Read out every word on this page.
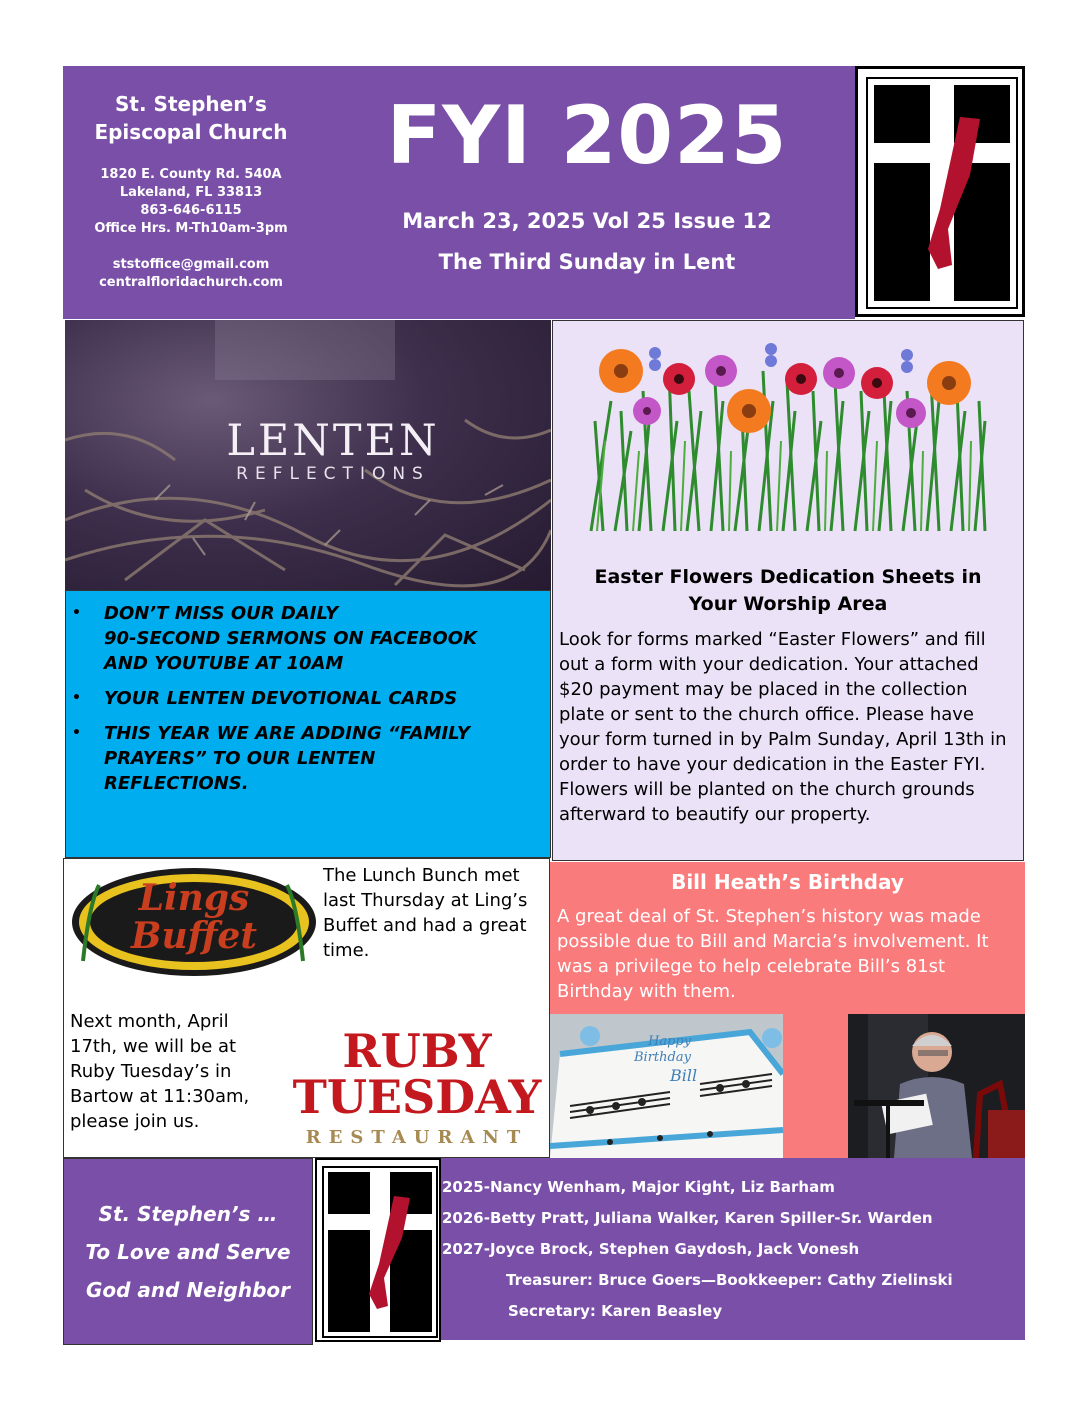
St. Stephen’s
Episcopal Church
1820 E. County Rd. 540A
Lakeland, FL 33813
863-646-6115
Office Hrs. M-Th10am-3pm
ststoffice@gmail.com
centralfloridachurch.com
FYI 2025
March 23, 2025 Vol 25 Issue 12
The Third Sunday in Lent
LENTEN
REFLECTIONS
• DON’T MISS OUR DAILY
90-SECOND SERMONS ON FACEBOOK
AND YOUTUBE AT 10AM
• YOUR LENTEN DEVOTIONAL CARDS
• THIS YEAR WE ARE ADDING “FAMILY
PRAYERS” TO OUR LENTEN
REFLECTIONS.
Easter Flowers Dedication Sheets in
Your Worship Area
Look for forms marked “Easter Flowers” and fill out a form with your dedication. Your attached $20 payment may be placed in the collection plate or sent to the church office. Please have your form turned in by Palm Sunday, April 13th in order to have your dedication in the Easter FYI. Flowers will be planted on the church grounds afterward to beautify our property.
Lings
Buffet
The Lunch Bunch met last Thursday at Ling’s Buffet and had a great time.
Next month, April 17th, we will be at Ruby Tuesday’s in Bartow at 11:30am, please join us.
RUBY
TUESDAY
RESTAURANT
Bill Heath’s Birthday
A great deal of St. Stephen’s history was made possible due to Bill and Marcia’s involvement. It was a privilege to help celebrate Bill’s 81st Birthday with them.
Happy
Birthday
Bill
St. Stephen’s …
To Love and Serve
God and Neighbor
2025-Nancy Wenham, Major Kight, Liz Barham
2026-Betty Pratt, Juliana Walker, Karen Spiller-Sr. Warden
2027-Joyce Brock, Stephen Gaydosh, Jack Vonesh
Treasurer: Bruce Goers—Bookkeeper: Cathy Zielinski
Secretary: Karen Beasley
